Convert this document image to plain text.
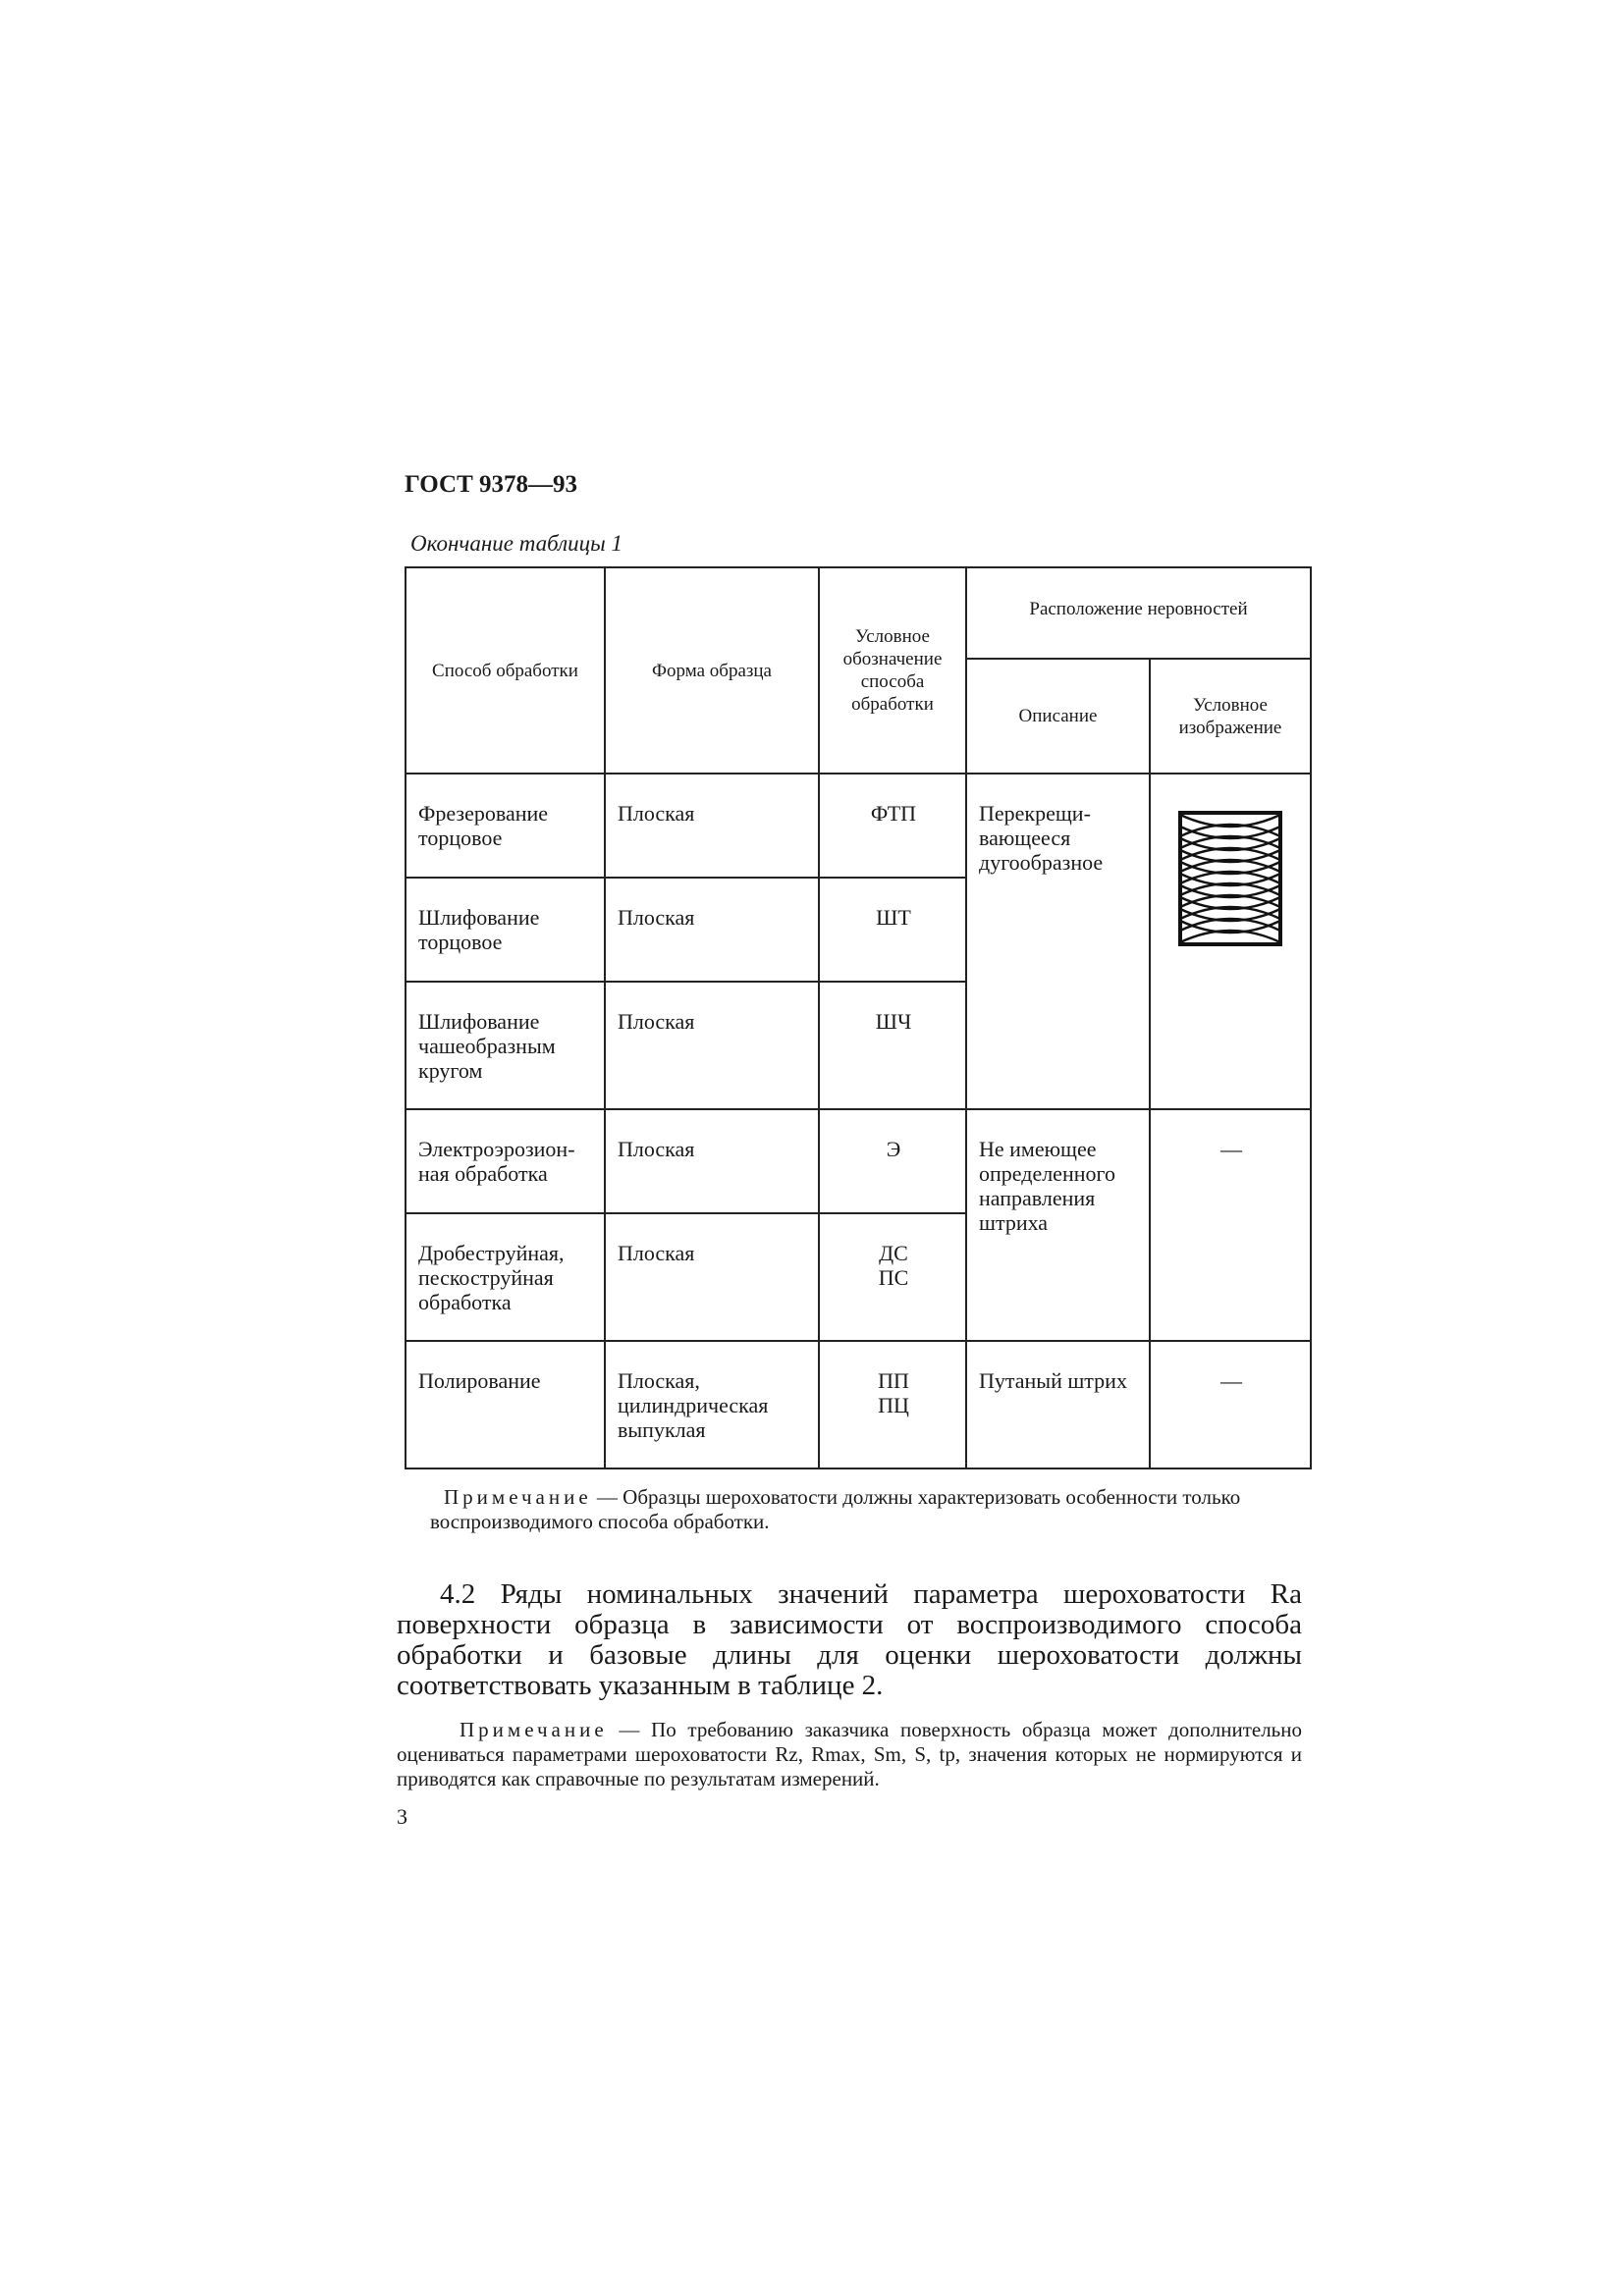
ГОСТ 9378—93

Окончание таблицы 1

Способ обработки	Форма образца	Условное обозначение способа обработки	Расположение неровностей	
			Описание	Условное изображение
Фрезерование торцовое	Плоская	ФТП	Перекрещи- вающееся дугообразное	

Шлифование торцовое	Плоская	ШТ		
Шлифование чашеобразным кругом	Плоская	ШЧ		
Электроэрозион- ная обработка	Плоская	Э	Не имеющее определенного направления штриха	—
Дробеструйная, пескоструйная обработка	Плоская	ДС ПС		
Полирование	Плоская, цилиндрическая выпуклая	ПП ПЦ	Путаный штрих	—

Примечание — Образцы шероховатости должны характеризовать особенности только воспроизводимого способа обработки.

4.2 Ряды номинальных значений параметра шероховатости Ra поверхности образца в зависимости от воспроизводимого способа обработки и базовые длины для оценки шероховатости должны соответствовать указанным в таблице 2.

Примечание — По требованию заказчика поверхность образца может дополнительно оцениваться параметрами шероховатости Rz, Rmax, Sm, S, tp, значения которых не нормируются и приводятся как справочные по результатам измерений.

3
